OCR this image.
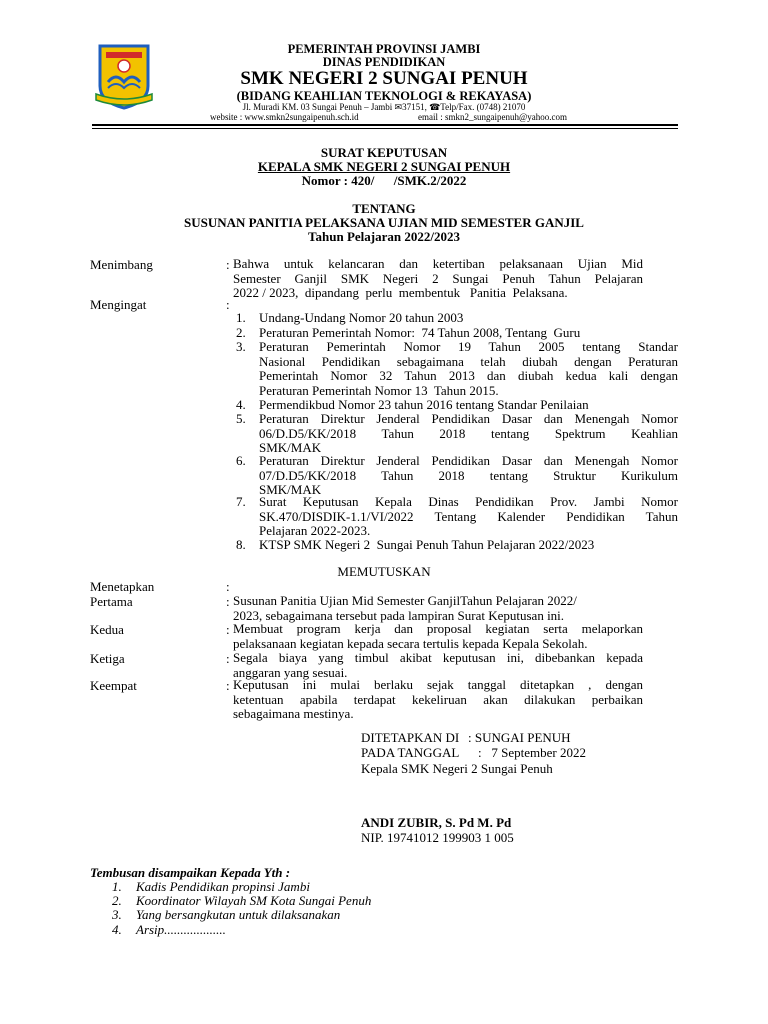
PEMERINTAH PROVINSI JAMBI
DINAS PENDIDIKAN
SMK NEGERI 2 SUNGAI PENUH
(BIDANG KEAHLIAN TEKNOLOGI & REKAYASA)
Jl. Muradi KM. 03 Sungai Penuh – Jambi ✉37151, ☎Telp/Fax. (0748) 21070
website : www.smkn2sungaipenuh.sch.id	email : smkn2_sungaipenuh@yahoo.com
SURAT KEPUTUSAN
KEPALA SMK NEGERI 2 SUNGAI PENUH
Nomor : 420/      /SMK.2/2022
TENTANG
SUSUNAN PANITIA PELAKSANA UJIAN MID SEMESTER GANJIL
Tahun Pelajaran 2022/2023
Menimbang	: Bahwa untuk kelancaran dan ketertiban pelaksanaan Ujian Mid
Semester Ganjil SMK Negeri 2 Sungai Penuh Tahun Pelajaran
2022 / 2023,  dipandang  perlu  membentuk   Panitia  Pelaksana.
Mengingat	:
1. Undang-Undang Nomor 20 tahun 2003
2. Peraturan Pemerintah Nomor:  74 Tahun 2008, Tentang  Guru
3. Peraturan Pemerintah Nomor 19 Tahun 2005 tentang Standar
Nasional Pendidikan sebagaimana telah diubah dengan Peraturan
Pemerintah Nomor 32 Tahun 2013 dan diubah kedua kali dengan
Peraturan Pemerintah Nomor 13  Tahun 2015.
4. Permendikbud Nomor 23 tahun 2016 tentang Standar Penilaian
5. Peraturan Direktur Jenderal Pendidikan Dasar dan Menengah Nomor
06/D.D5/KK/2018 Tahun 2018 tentang Spektrum Keahlian
SMK/MAK
6. Peraturan Direktur Jenderal Pendidikan Dasar dan Menengah Nomor
07/D.D5/KK/2018 Tahun 2018 tentang Struktur Kurikulum
SMK/MAK
7. Surat Keputusan Kepala Dinas Pendidikan Prov. Jambi Nomor
SK.470/DISDIK-1.1/VI/2022 Tentang Kalender Pendidikan Tahun
Pelajaran 2022-2023.
8. KTSP SMK Negeri 2  Sungai Penuh Tahun Pelajaran 2022/2023
MEMUTUSKAN
Menetapkan	:
Pertama	: Susunan Panitia Ujian Mid Semester GanjilTahun Pelajaran 2022/
2023, sebagaimana tersebut pada lampiran Surat Keputusan ini.
Kedua	: Membuat program kerja dan proposal kegiatan serta melaporkan
pelaksanaan kegiatan kepada secara tertulis kepada Kepala Sekolah.
Ketiga	: Segala biaya yang timbul akibat keputusan ini, dibebankan kepada
anggaran yang sesuai.
Keempat	: Keputusan ini mulai berlaku sejak tanggal ditetapkan , dengan
ketentuan apabila terdapat kekeliruan akan dilakukan perbaikan
sebagaimana mestinya.
DITETAPKAN DI : SUNGAI PENUH
PADA TANGGAL :   7 September 2022
Kepala SMK Negeri 2 Sungai Penuh
ANDI ZUBIR, S. Pd M. Pd
NIP. 19741012 199903 1 005
Tembusan disampaikan Kepada Yth :
1. Kadis Pendidikan propinsi Jambi
2. Koordinator Wilayah SM Kota Sungai Penuh
3. Yang bersangkutan untuk dilaksanakan
4. Arsip...................
